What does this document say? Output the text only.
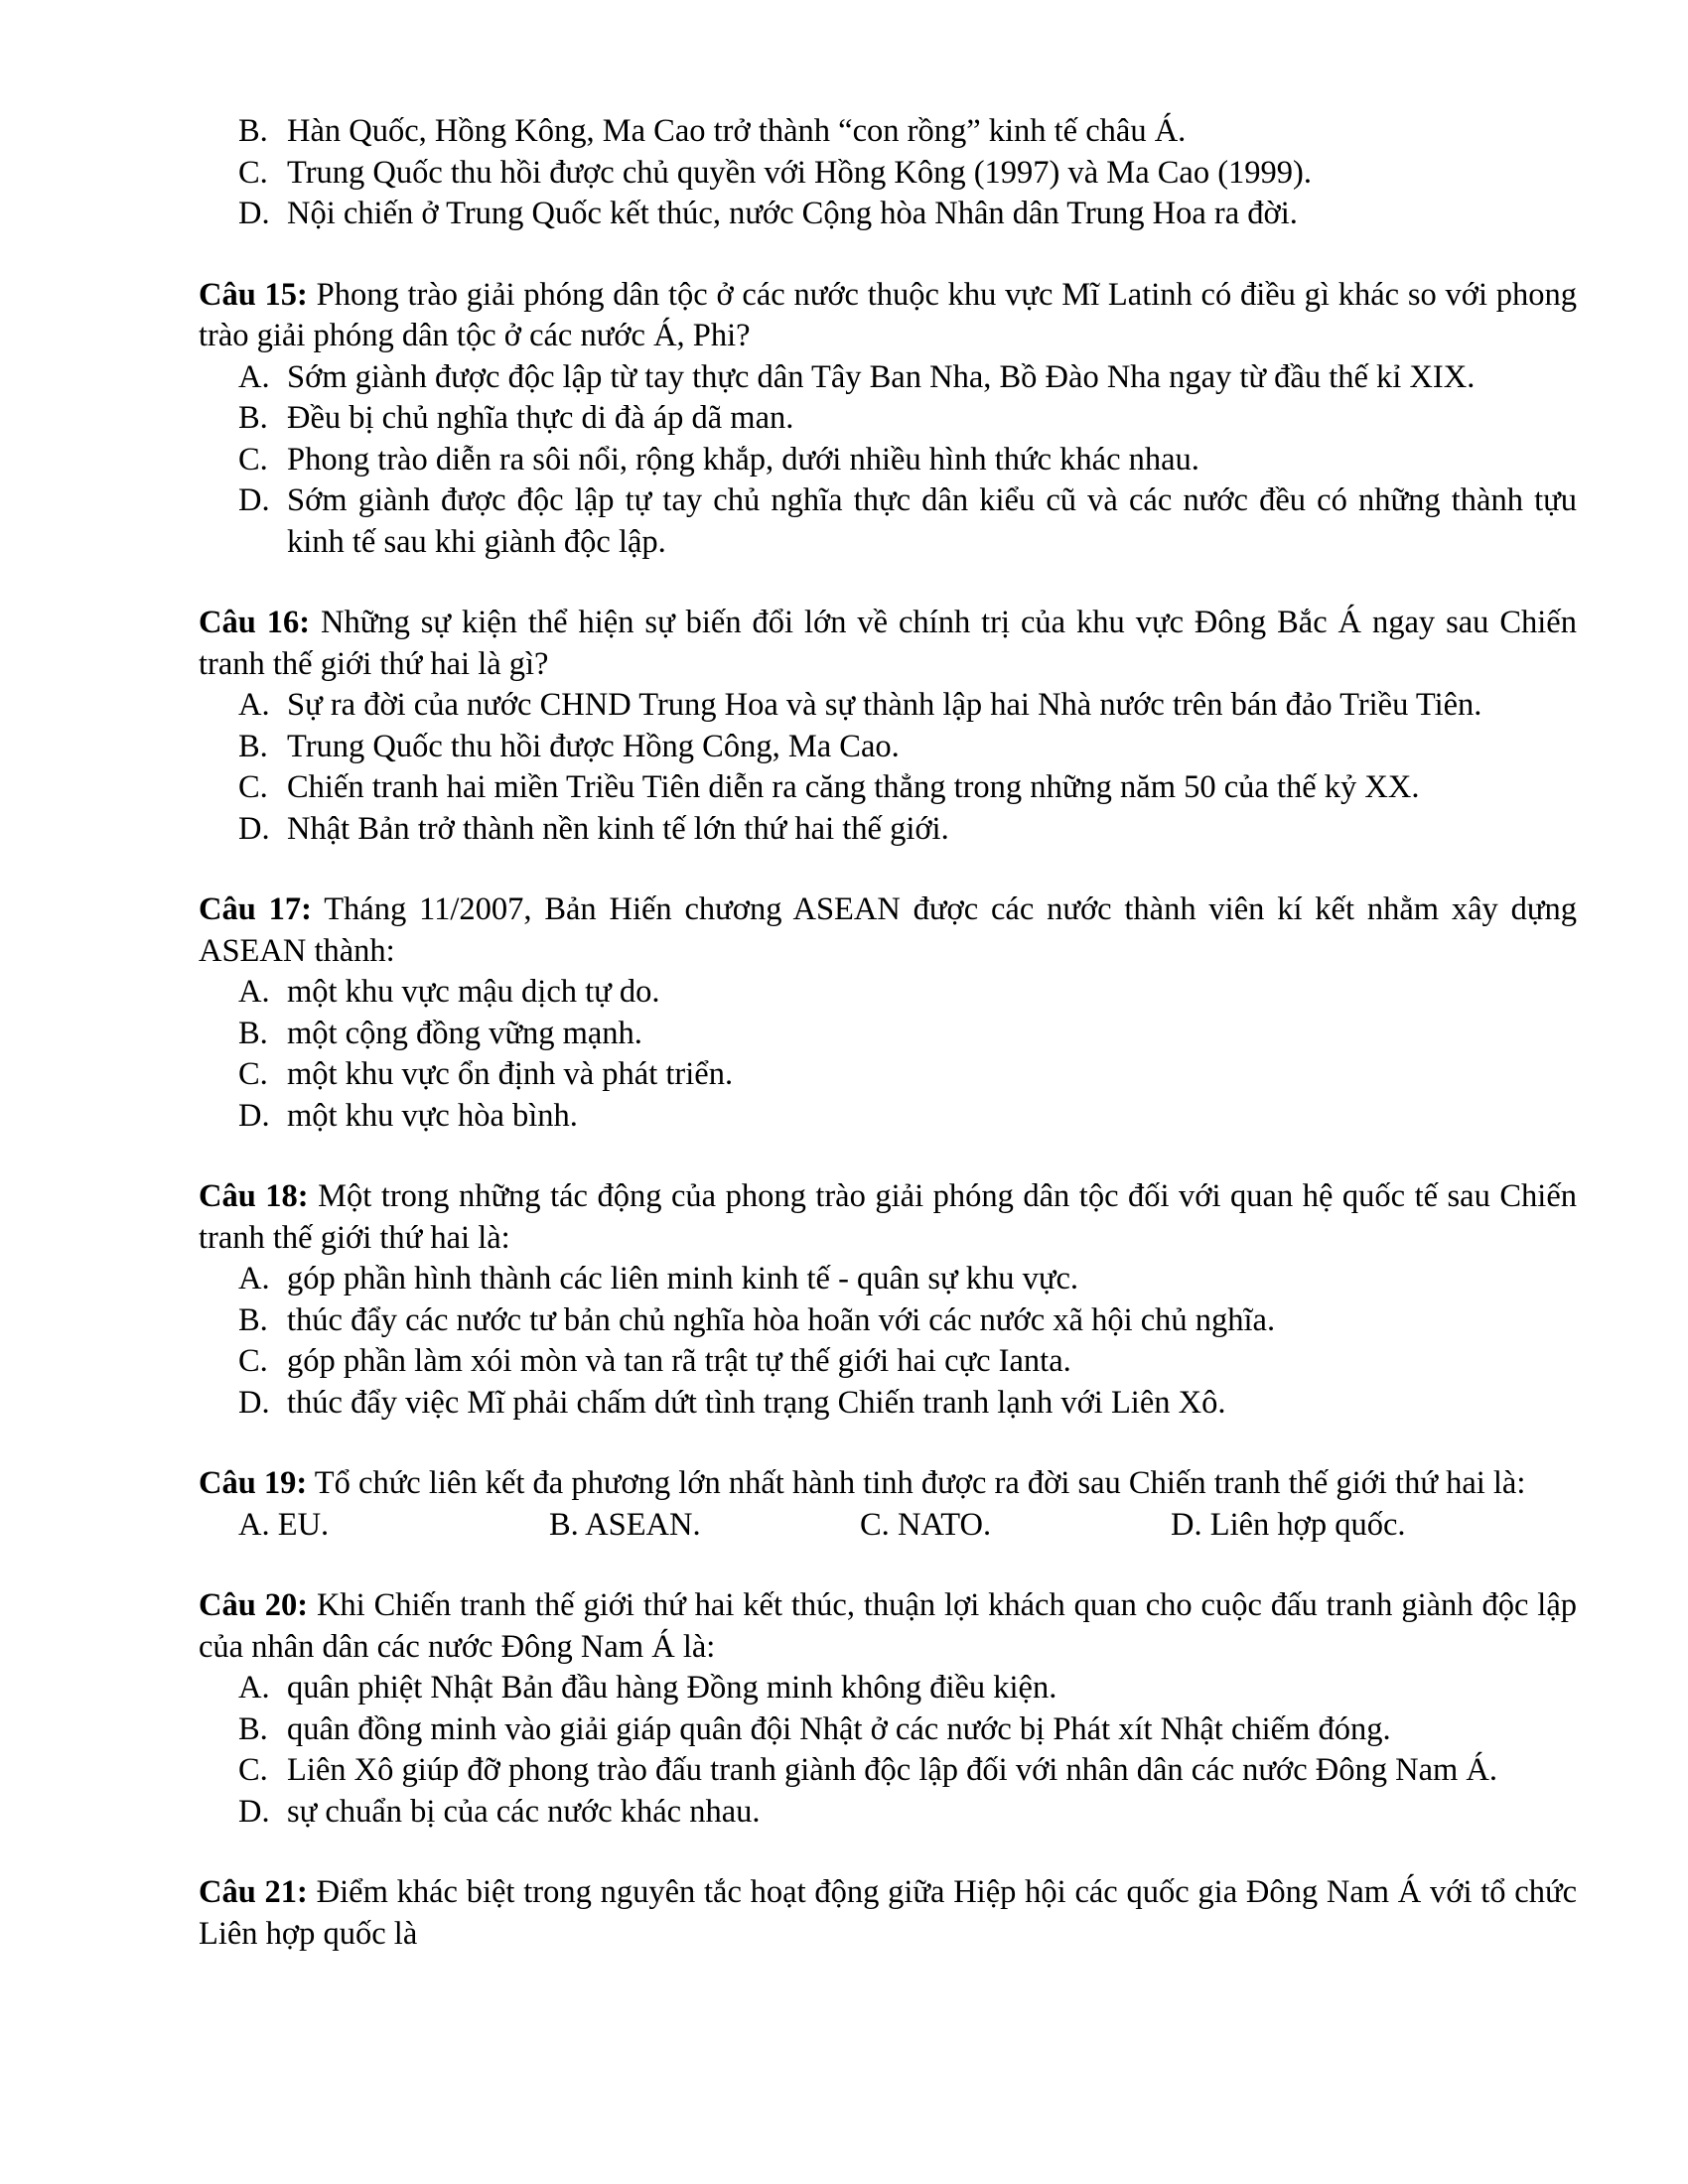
B. Hàn Quốc, Hồng Kông, Ma Cao trở thành “con rồng” kinh tế châu Á.
C. Trung Quốc thu hồi được chủ quyền với Hồng Kông (1997) và Ma Cao (1999).
D. Nội chiến ở Trung Quốc kết thúc, nước Cộng hòa Nhân dân Trung Hoa ra đời.
Câu 15: Phong trào giải phóng dân tộc ở các nước thuộc khu vực Mĩ Latinh có điều gì khác so với phong trào giải phóng dân tộc ở các nước Á, Phi?
A. Sớm giành được độc lập từ tay thực dân Tây Ban Nha, Bồ Đào Nha ngay từ đầu thế kỉ XIX.
B. Đều bị chủ nghĩa thực di đà áp dã man.
C. Phong trào diễn ra sôi nổi, rộng khắp, dưới nhiều hình thức khác nhau.
D. Sớm giành được độc lập tự tay chủ nghĩa thực dân kiểu cũ và các nước đều có những thành tựu kinh tế sau khi giành độc lập.
Câu 16: Những sự kiện thể hiện sự biến đổi lớn về chính trị của khu vực Đông Bắc Á ngay sau Chiến tranh thế giới thứ hai là gì?
A. Sự ra đời của nước CHND Trung Hoa và sự thành lập hai Nhà nước trên bán đảo Triều Tiên.
B. Trung Quốc thu hồi được Hồng Công, Ma Cao.
C. Chiến tranh hai miền Triều Tiên diễn ra căng thẳng trong những năm 50 của thế kỷ XX.
D. Nhật Bản trở thành nền kinh tế lớn thứ hai thế giới.
Câu 17: Tháng 11/2007, Bản Hiến chương ASEAN được các nước thành viên kí kết nhằm xây dựng ASEAN thành:
A. một khu vực mậu dịch tự do.
B. một cộng đồng vững mạnh.
C. một khu vực ổn định và phát triển.
D. một khu vực hòa bình.
Câu 18: Một trong những tác động của phong trào giải phóng dân tộc đối với quan hệ quốc tế sau Chiến tranh thế giới thứ hai là:
A. góp phần hình thành các liên minh kinh tế - quân sự khu vực.
B. thúc đẩy các nước tư bản chủ nghĩa hòa hoãn với các nước xã hội chủ nghĩa.
C. góp phần làm xói mòn và tan rã trật tự thế giới hai cực Ianta.
D. thúc đẩy việc Mĩ phải chấm dứt tình trạng Chiến tranh lạnh với Liên Xô.
Câu 19: Tổ chức liên kết đa phương lớn nhất hành tinh được ra đời sau Chiến tranh thế giới thứ hai là:
A. EU.	B. ASEAN.	C. NATO.	D. Liên hợp quốc.
Câu 20: Khi Chiến tranh thế giới thứ hai kết thúc, thuận lợi khách quan cho cuộc đấu tranh giành độc lập của nhân dân các nước Đông Nam Á là:
A. quân phiệt Nhật Bản đầu hàng Đồng minh không điều kiện.
B. quân đồng minh vào giải giáp quân đội Nhật ở các nước bị Phát xít Nhật chiếm đóng.
C. Liên Xô giúp đỡ phong trào đấu tranh giành độc lập đối với nhân dân các nước Đông Nam Á.
D. sự chuẩn bị của các nước khác nhau.
Câu 21: Điểm khác biệt trong nguyên tắc hoạt động giữa Hiệp hội các quốc gia Đông Nam Á với tổ chức Liên hợp quốc là
